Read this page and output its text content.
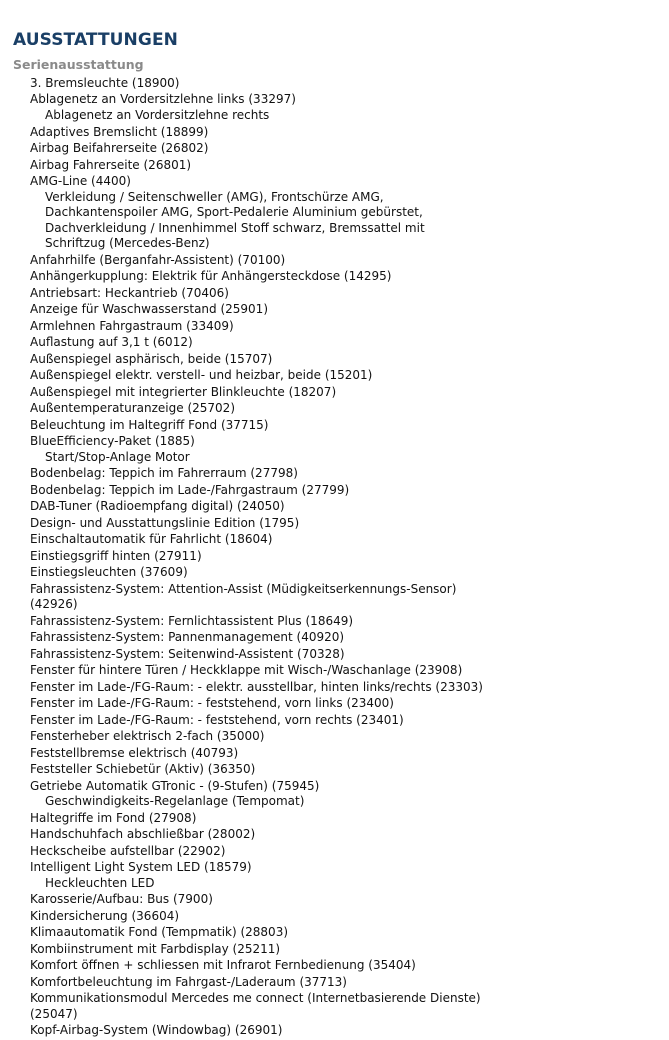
AUSSTATTUNGEN
Serienausstattung
3. Bremsleuchte (18900)
Ablagenetz an Vordersitzlehne links (33297)
Ablagenetz an Vordersitzlehne rechts
Adaptives Bremslicht (18899)
Airbag Beifahrerseite (26802)
Airbag Fahrerseite (26801)
AMG-Line (4400)
Verkleidung / Seitenschweller (AMG), Frontschürze AMG, Dachkantenspoiler AMG, Sport-Pedalerie Aluminium gebürstet, Dachverkleidung / Innenhimmel Stoff schwarz, Bremssattel mit Schriftzug (Mercedes-Benz)
Anfahrhilfe (Berganfahr-Assistent) (70100)
Anhängerkupplung: Elektrik für Anhängersteckdose (14295)
Antriebsart: Heckantrieb (70406)
Anzeige für Waschwasserstand (25901)
Armlehnen Fahrgastraum (33409)
Auflastung auf 3,1 t (6012)
Außenspiegel asphärisch, beide (15707)
Außenspiegel elektr. verstell- und heizbar, beide (15201)
Außenspiegel mit integrierter Blinkleuchte (18207)
Außentemperaturanzeige (25702)
Beleuchtung im Haltegriff Fond (37715)
BlueEfficiency-Paket (1885)
Start/Stop-Anlage Motor
Bodenbelag: Teppich im Fahrerraum (27798)
Bodenbelag: Teppich im Lade-/Fahrgastraum (27799)
DAB-Tuner (Radioempfang digital) (24050)
Design- und Ausstattungslinie Edition (1795)
Einschaltautomatik für Fahrlicht (18604)
Einstiegsgriff hinten (27911)
Einstiegsleuchten (37609)
Fahrassistenz-System: Attention-Assist (Müdigkeitserkennungs-Sensor) (42926)
Fahrassistenz-System: Fernlichtassistent Plus (18649)
Fahrassistenz-System: Pannenmanagement (40920)
Fahrassistenz-System: Seitenwind-Assistent (70328)
Fenster für hintere Türen / Heckklappe mit Wisch-/Waschanlage (23908)
Fenster im Lade-/FG-Raum: - elektr. ausstellbar, hinten links/rechts (23303)
Fenster im Lade-/FG-Raum: - feststehend, vorn links (23400)
Fenster im Lade-/FG-Raum: - feststehend, vorn rechts (23401)
Fensterheber elektrisch 2-fach (35000)
Feststellbremse elektrisch (40793)
Feststeller Schiebetür (Aktiv) (36350)
Getriebe Automatik GTronic - (9-Stufen) (75945)
Geschwindigkeits-Regelanlage (Tempomat)
Haltegriffe im Fond (27908)
Handschuhfach abschließbar (28002)
Heckscheibe aufstellbar (22902)
Intelligent Light System LED (18579)
Heckleuchten LED
Karosserie/Aufbau: Bus (7900)
Kindersicherung (36604)
Klimaautomatik Fond (Tempmatik) (28803)
Kombiinstrument mit Farbdisplay (25211)
Komfort öffnen + schliessen mit Infrarot Fernbedienung (35404)
Komfortbeleuchtung im Fahrgast-/Laderaum (37713)
Kommunikationsmodul Mercedes me connect (Internetbasierende Dienste) (25047)
Kopf-Airbag-System (Windowbag) (26901)
